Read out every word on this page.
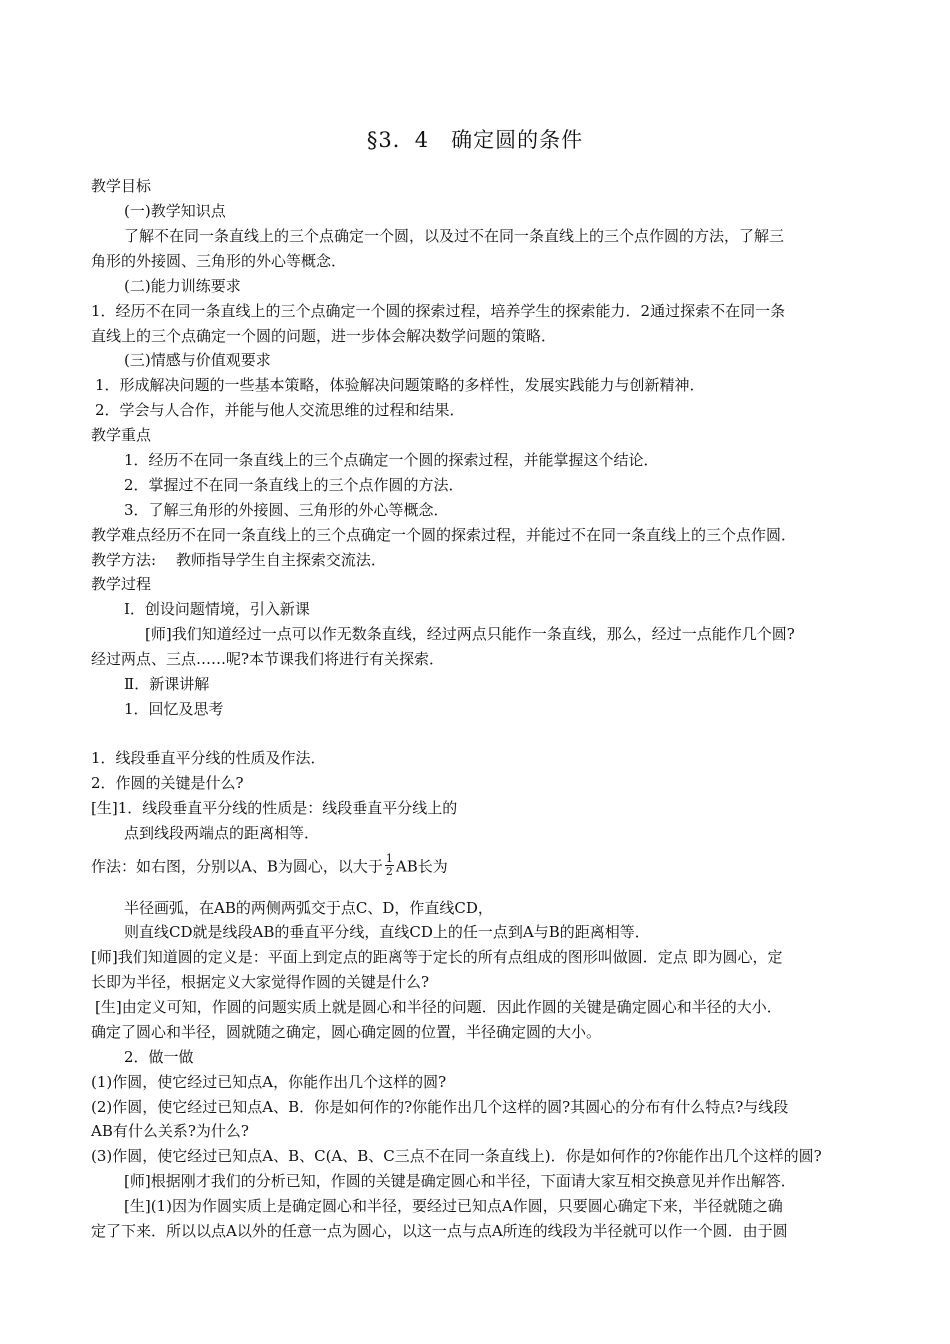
§3．4　确定圆的条件
教学目标
(一)教学知识点
了解不在同一条直线上的三个点确定一个圆，以及过不在同一条直线上的三个点作圆的方法，了解三
角形的外接圆、三角形的外心等概念．
(二)能力训练要求
1．经历不在同一条直线上的三个点确定一个圆的探索过程，培养学生的探索能力．2通过探索不在同一条
直线上的三个点确定一个圆的问题，进一步体会解决数学问题的策略．
(三)情感与价值观要求
1．形成解决问题的一些基本策略，体验解决问题策略的多样性，发展实践能力与创新精神．
2．学会与人合作，并能与他人交流思维的过程和结果．
教学重点
1．经历不在同一条直线上的三个点确定一个圆的探索过程，并能掌握这个结论．
2．掌握过不在同一条直线上的三个点作圆的方法．
3．了解三角形的外接圆、三角形的外心等概念．
教学难点经历不在同一条直线上的三个点确定一个圆的探索过程，并能过不在同一条直线上的三个点作圆．
教学方法:　 教师指导学生自主探索交流法．
教学过程
Ⅰ．创设问题情境，引入新课
[师]我们知道经过一点可以作无数条直线，经过两点只能作一条直线，那么，经过一点能作几个圆?
经过两点、三点……呢?本节课我们将进行有关探索．
Ⅱ．新课讲解
1．回忆及思考
1．线段垂直平分线的性质及作法．
2．作圆的关键是什么?
[生]1．线段垂直平分线的性质是：线段垂直平分线上的
点到线段两端点的距离相等．
作法：如右图，分别以A、B为圆心，以大于 $\frac{1}{2}$ AB长为
半径画弧，在AB的两侧两弧交于点C、D，作直线CD，
则直线CD就是线段AB的垂直平分线，直线CD上的任一点到A与B的距离相等．
[师]我们知道圆的定义是：平面上到定点的距离等于定长的所有点组成的图形叫做圆．定点 即为圆心，定
长即为半径，根据定义大家觉得作圆的关键是什么?
[生]由定义可知，作圆的问题实质上就是圆心和半径的问题．因此作圆的关键是确定圆心和半径的大小．
确定了圆心和半径，圆就随之确定，圆心确定圆的位置，半径确定圆的大小。
2．做一做
(1)作圆，使它经过已知点A，你能作出几个这样的圆?
(2)作圆，使它经过已知点A、B．你是如何作的?你能作出几个这样的圆?其圆心的分布有什么特点?与线段
AB有什么关系?为什么?
(3)作圆，使它经过已知点A、B、C(A、B、C三点不在同一条直线上)．你是如何作的?你能作出几个这样的圆?
[师]根据刚才我们的分析已知，作圆的关键是确定圆心和半径，下面请大家互相交换意见并作出解答．
[生](1)因为作圆实质上是确定圆心和半径，要经过已知点A作圆，只要圆心确定下来，半径就随之确
定了下来．所以以点A以外的任意一点为圆心，以这一点与点A所连的线段为半径就可以作一个圆．由于圆
